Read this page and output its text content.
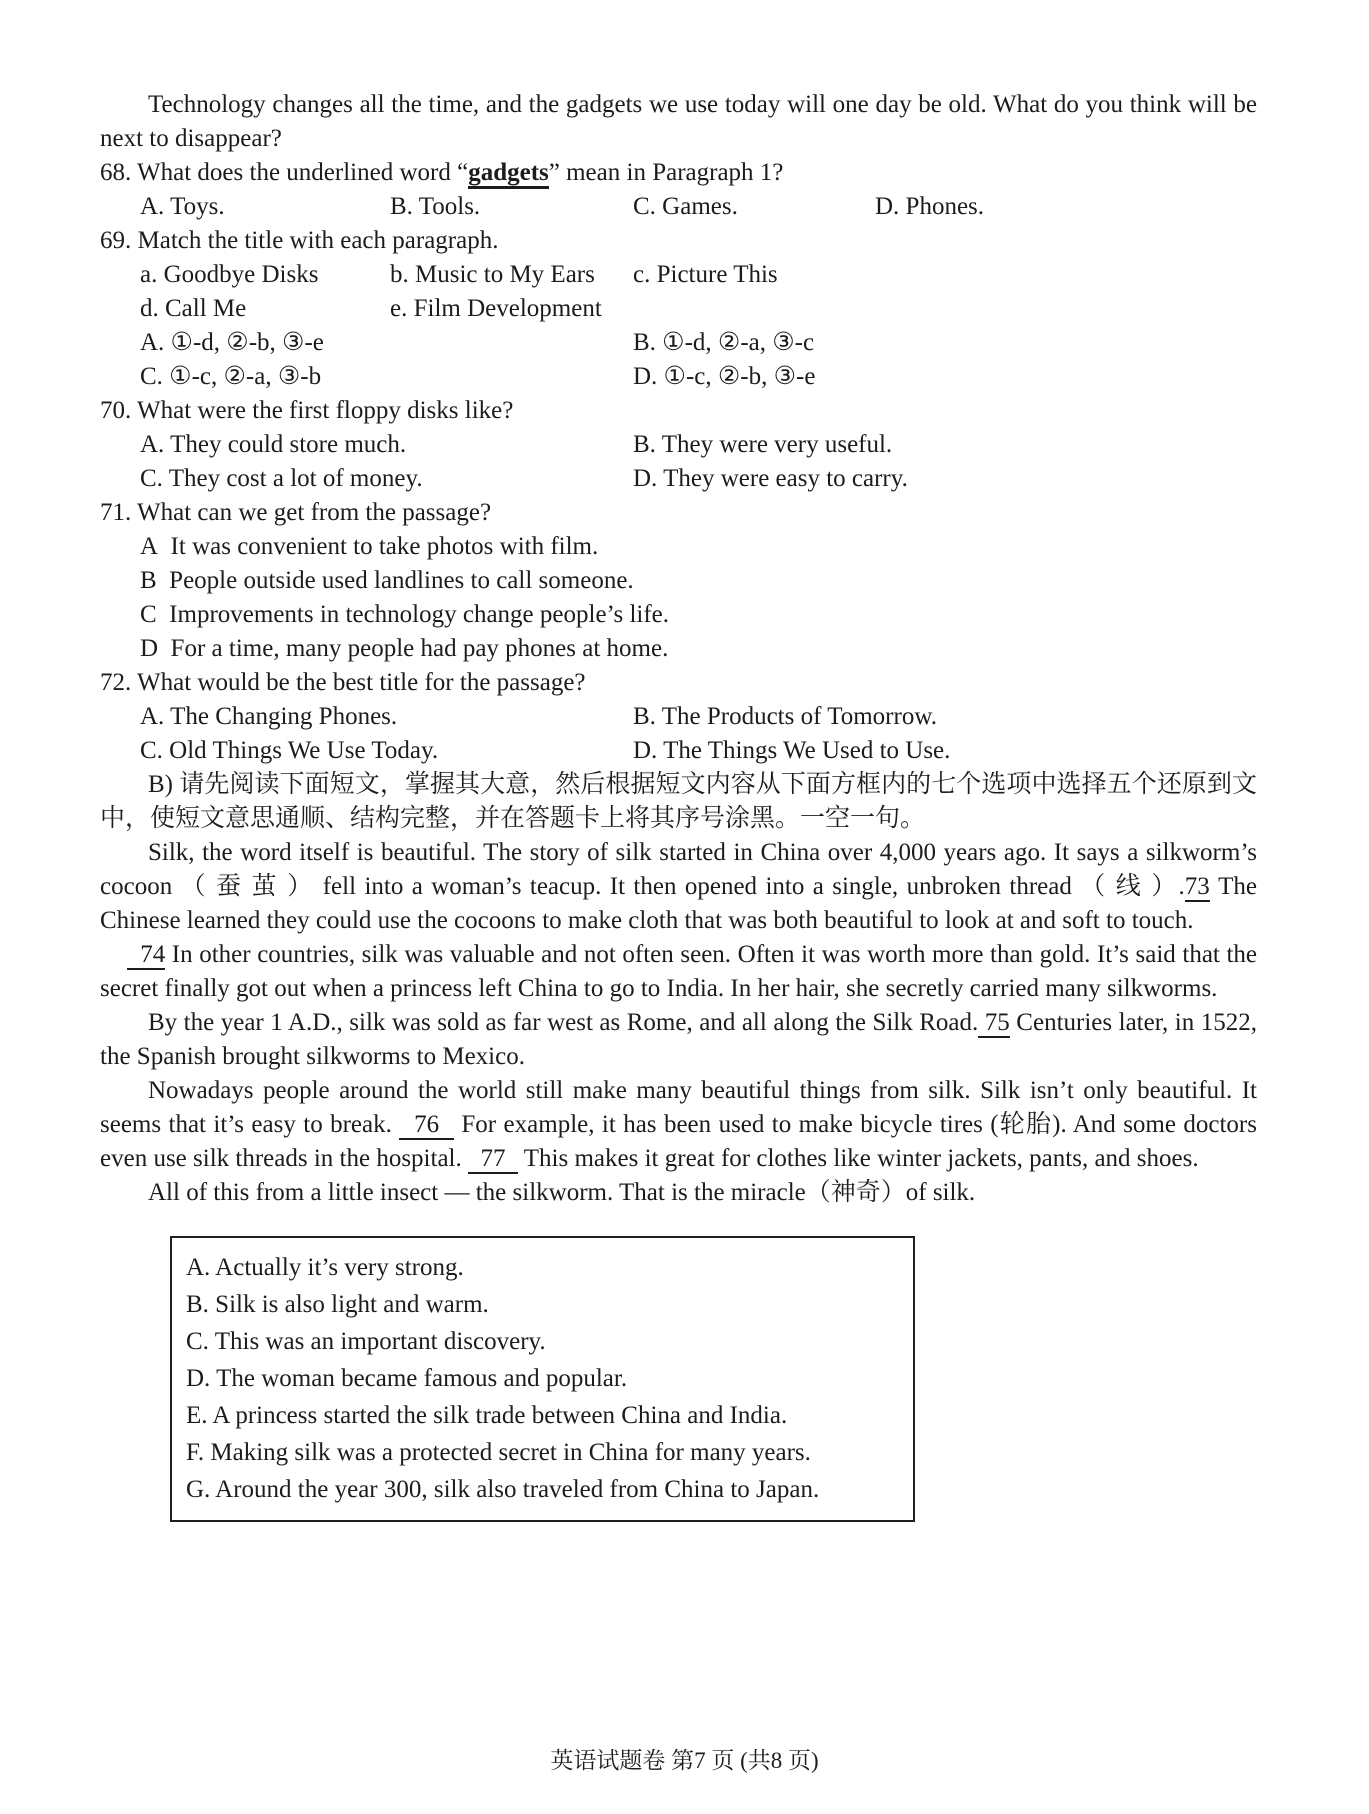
Technology changes all the time, and the gadgets we use today will one day be old. What do you think will be next to disappear?

68. What does the underlined word “gadgets” mean in Paragraph 1?

A. Toys.	B. Tools.	C. Games.	D. Phones.

69. Match the title with each paragraph.

a. Goodbye Disks	b. Music to My Ears	c. Picture This
d. Call Me	e. Film Development
A. ①-d, ②-b, ③-e	B. ①-d, ②-a, ③-c
C. ①-c, ②-a, ③-b	D. ①-c, ②-b, ③-e

70. What were the first floppy disks like?

A. They could store much.	B. They were very useful.
C. They cost a lot of money.	D. They were easy to carry.

71. What can we get from the passage?

A  It was convenient to take photos with film.
B  People outside used landlines to call someone.
C  Improvements in technology change people’s life.
D  For a time, many people had pay phones at home.

72. What would be the best title for the passage?

A. The Changing Phones.	B. The Products of Tomorrow.
C. Old Things We Use Today.	D. The Things We Used to Use.

B) 请先阅读下面短文，掌握其大意，然后根据短文内容从下面方框内的七个选项中选择五个还原到文中，使短文意思通顺、结构完整，并在答题卡上将其序号涂黑。一空一句。

Silk, the word itself is beautiful. The story of silk started in China over 4,000 years ago. It says a silkworm’s cocoon （ 蚕 茧 ） fell into a woman’s teacup. It then opened into a single, unbroken thread （ 线 ）.73 The Chinese learned they could use the cocoons to make cloth that was both beautiful to look at and soft to touch.

74 In other countries, silk was valuable and not often seen. Often it was worth more than gold. It’s said that the secret finally got out when a princess left China to go to India. In her hair, she secretly carried many silkworms.

By the year 1 A.D., silk was sold as far west as Rome, and all along the Silk Road. 75 Centuries later, in 1522, the Spanish brought silkworms to Mexico.

Nowadays people around the world still make many beautiful things from silk. Silk isn’t only beautiful. It seems that it’s easy to break.   76   For example, it has been used to make bicycle tires (轮胎). And some doctors even use silk threads in the hospital.   77   This makes it great for clothes like winter jackets, pants, and shoes.

All of this from a little insect — the silkworm. That is the miracle（神奇）of silk.

A. Actually it’s very strong.
B. Silk is also light and warm.
C. This was an important discovery.
D. The woman became famous and popular.
E. A princess started the silk trade between China and India.
F. Making silk was a protected secret in China for many years.
G. Around the year 300, silk also traveled from China to Japan.
英语试题卷 第7 页 (共8 页)
